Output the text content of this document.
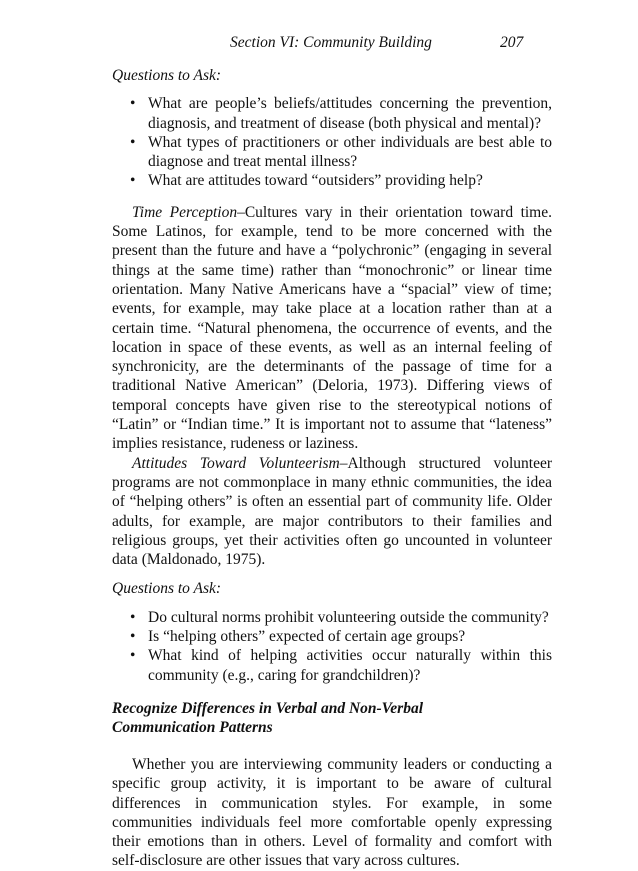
Section VI: Community Building	207
Questions to Ask:
• What are people’s beliefs/attitudes concerning the prevention, diagnosis, and treatment of disease (both physical and mental)?
• What types of practitioners or other individuals are best able to diagnose and treat mental illness?
• What are attitudes toward “outsiders” providing help?

Time Perception–Cultures vary in their orientation toward time. Some Latinos, for example, tend to be more concerned with the present than the future and have a “polychronic” (engaging in several things at the same time) rather than “monochronic” or linear time orientation. Many Native Americans have a “spacial” view of time; events, for example, may take place at a location rather than at a certain time. “Natural phenomena, the occurrence of events, and the location in space of these events, as well as an internal feeling of synchronicity, are the determinants of the passage of time for a traditional Native American” (Deloria, 1973). Differing views of temporal concepts have given rise to the stereotypical notions of “Latin” or “Indian time.” It is important not to assume that “lateness” implies resistance, rudeness or laziness.

Attitudes Toward Volunteerism–Although structured volunteer programs are not commonplace in many ethnic communities, the idea of “helping others” is often an essential part of community life. Older adults, for example, are major contributors to their families and religious groups, yet their activities often go uncounted in volunteer data (Maldonado, 1975).

Questions to Ask:
• Do cultural norms prohibit volunteering outside the community?
• Is “helping others” expected of certain age groups?
• What kind of helping activities occur naturally within this community (e.g., caring for grandchildren)?
Recognize Differences in Verbal and Non-Verbal
Communication Patterns

Whether you are interviewing community leaders or conducting a specific group activity, it is important to be aware of cultural differences in communication styles. For example, in some communities individuals feel more comfortable openly expressing their emotions than in others. Level of formality and comfort with self-disclosure are other issues that vary across cultures.
